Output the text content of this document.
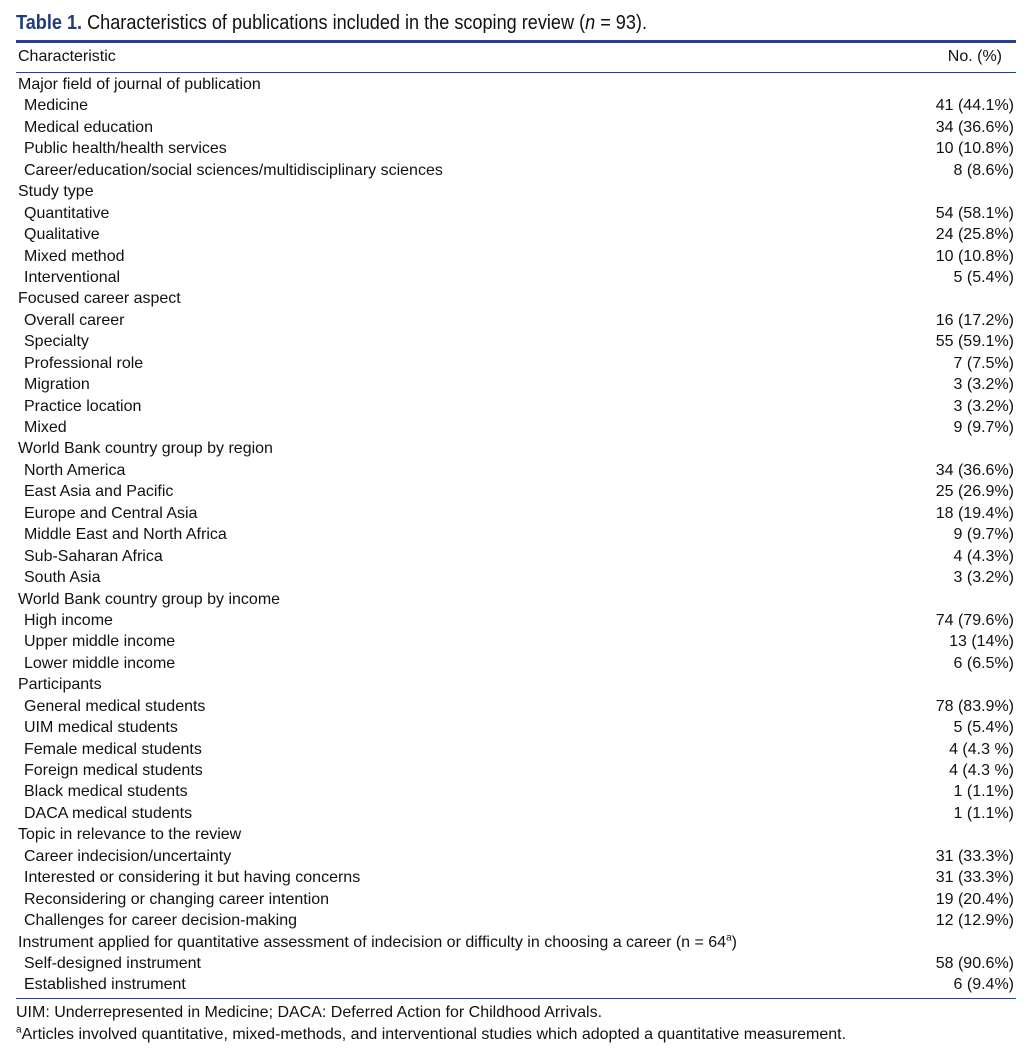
Table 1. Characteristics of publications included in the scoping review (n = 93).
Characteristic	No. (%)
Major field of journal of publication
Medicine	41 (44.1%)
Medical education	34 (36.6%)
Public health/health services	10 (10.8%)
Career/education/social sciences/multidisciplinary sciences	8 (8.6%)
Study type
Quantitative	54 (58.1%)
Qualitative	24 (25.8%)
Mixed method	10 (10.8%)
Interventional	5 (5.4%)
Focused career aspect
Overall career	16 (17.2%)
Specialty	55 (59.1%)
Professional role	7 (7.5%)
Migration	3 (3.2%)
Practice location	3 (3.2%)
Mixed	9 (9.7%)
World Bank country group by region
North America	34 (36.6%)
East Asia and Pacific	25 (26.9%)
Europe and Central Asia	18 (19.4%)
Middle East and North Africa	9 (9.7%)
Sub-Saharan Africa	4 (4.3%)
South Asia	3 (3.2%)
World Bank country group by income
High income	74 (79.6%)
Upper middle income	13 (14%)
Lower middle income	6 (6.5%)
Participants
General medical students	78 (83.9%)
UIM medical students	5 (5.4%)
Female medical students	4 (4.3 %)
Foreign medical students	4 (4.3 %)
Black medical students	1 (1.1%)
DACA medical students	1 (1.1%)
Topic in relevance to the review
Career indecision/uncertainty	31 (33.3%)
Interested or considering it but having concerns	31 (33.3%)
Reconsidering or changing career intention	19 (20.4%)
Challenges for career decision-making	12 (12.9%)
Instrument applied for quantitative assessment of indecision or difficulty in choosing a career $(n = 64^a)$
Self-designed instrument	58 (90.6%)
Established instrument	6 (9.4%)
UIM: Underrepresented in Medicine; DACA: Deferred Action for Childhood Arrivals.
$^a$Articles involved quantitative, mixed-methods, and interventional studies which adopted a quantitative measurement.
